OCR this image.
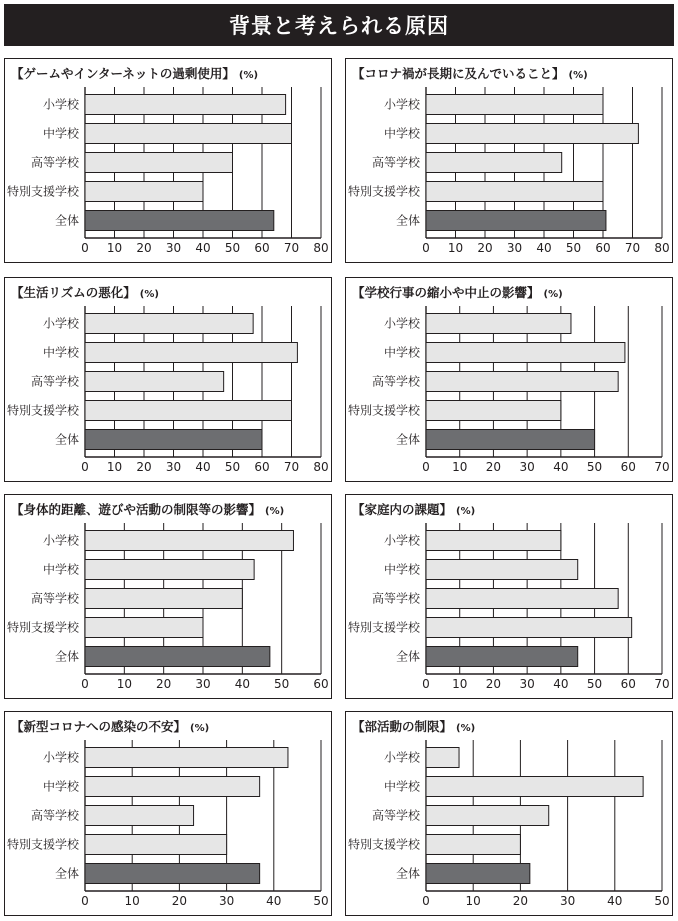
背景と考えられる原因
【ゲームやインターネットの過剰使用】 (%)
0 10 20 30 40 50 60 70 80
小学校
中学校
高等学校
特別支援学校
全体
【コロナ禍が長期に及んでいること】 (%)
0 10 20 30 40 50 60 70 80
小学校
中学校
高等学校
特別支援学校
全体
【生活リズムの悪化】 (%)
0 10 20 30 40 50 60 70 80
小学校
中学校
高等学校
特別支援学校
全体
【学校行事の縮小や中止の影響】 (%)
0 10 20 30 40 50 60 70
小学校
中学校
高等学校
特別支援学校
全体
【身体的距離、遊びや活動の制限等の影響】 (%)
0 10 20 30 40 50 60
小学校
中学校
高等学校
特別支援学校
全体
【家庭内の課題】 (%)
0 10 20 30 40 50 60 70
小学校
中学校
高等学校
特別支援学校
全体
【新型コロナへの感染の不安】 (%)
0	10	20	30	40	50
小学校
中学校
高等学校
特別支援学校
全体
【部活動の制限】 (%)
0	10	20	30	40	50
小学校
中学校
高等学校
特別支援学校
全体
